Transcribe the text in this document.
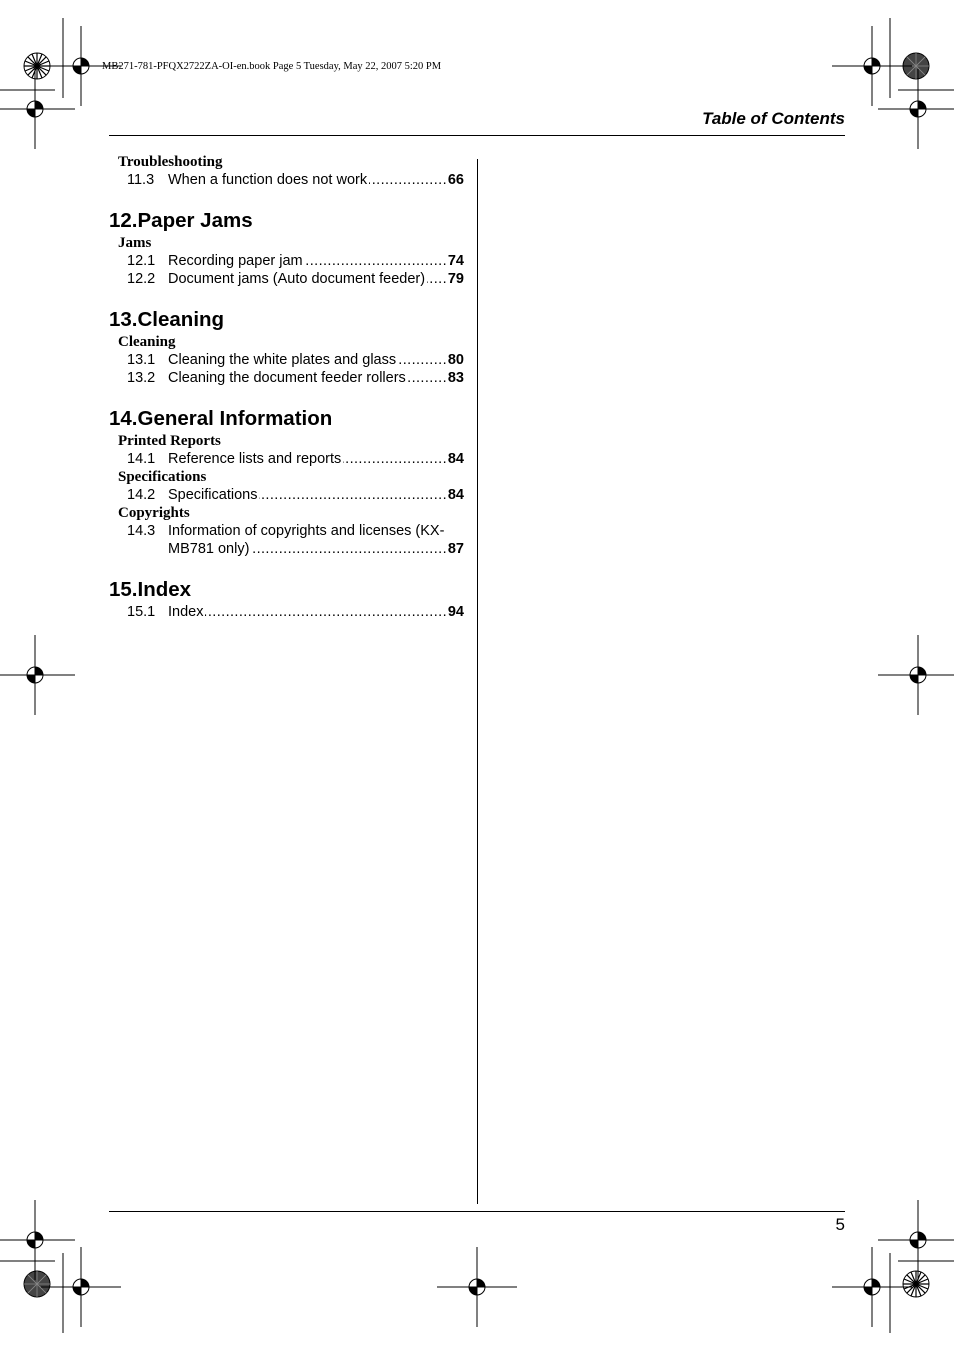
MB271-781-PFQX2722ZA-OI-en.book Page 5 Tuesday, May 22, 2007 5:20 PM
Table of Contents
5
Troubleshooting
11.3 When a function does not work .....	66
12.Paper Jams
Jams
12.1 Recording paper jam .....	74
12.2 Document jams (Auto document feeder) .....	79
13.Cleaning
Cleaning
13.1 Cleaning the white plates and glass .....	80
13.2 Cleaning the document feeder rollers .....	83
14.General Information
Printed Reports
14.1 Reference lists and reports .....	84
Specifications
14.2 Specifications .....	84
Copyrights
14.3 Information of copyrights and licenses (KX-
MB781 only) .....	87
15.Index
15.1 Index .....	94
